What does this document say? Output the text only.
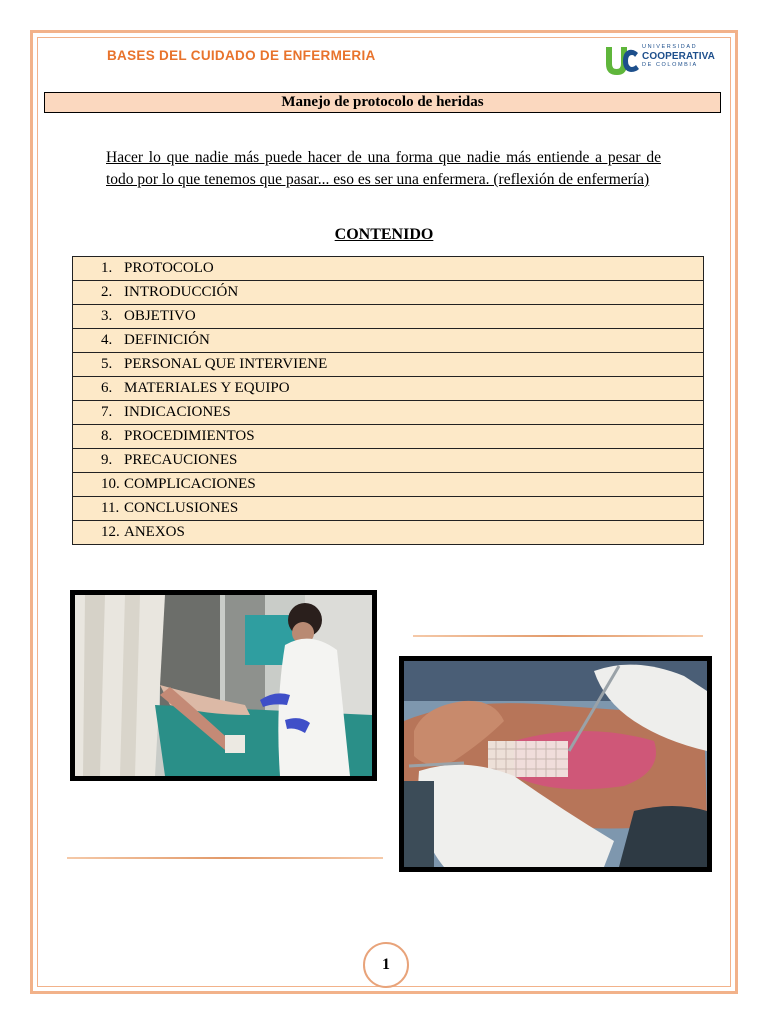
BASES DEL CUIDADO DE ENFERMERIA
UNIVERSIDAD
COOPERATIVA
DE COLOMBIA
Manejo de protocolo de heridas
Hacer lo que nadie más puede hacer de una forma que nadie más entiende a pesar de todo por lo que tenemos que pasar... eso es ser una enfermera. (reflexión de enfermería)
CONTENIDO
1. PROTOCOLO
2. INTRODUCCIÓN
3. OBJETIVO
4. DEFINICIÓN
5. PERSONAL QUE INTERVIENE
6. MATERIALES Y EQUIPO
7. INDICACIONES
8. PROCEDIMIENTOS
9. PRECAUCIONES
10. COMPLICACIONES
11. CONCLUSIONES
12. ANEXOS
1
